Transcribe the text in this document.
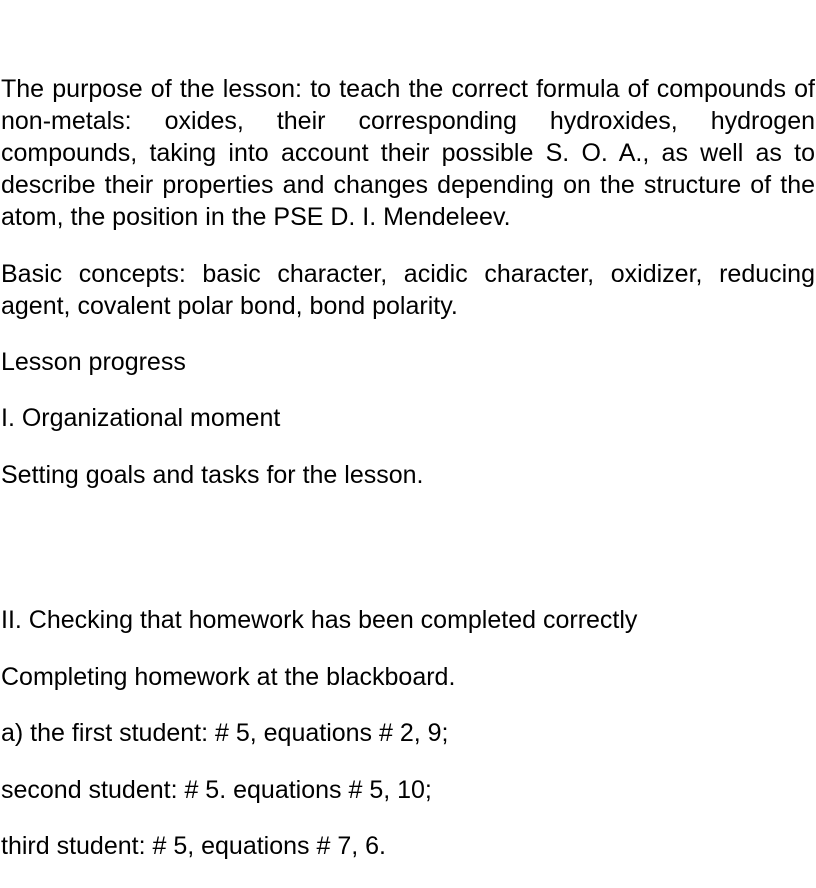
The purpose of the lesson: to teach the correct formula of compounds of non-metals: oxides, their corresponding hydroxides, hydrogen compounds, taking into account their possible S. O. A., as well as to describe their properties and changes depending on the structure of the atom, the position in the PSE D. I. Mendeleev.

Basic concepts: basic character, acidic character, oxidizer, reducing agent, covalent polar bond, bond polarity.

Lesson progress

I. Organizational moment

Setting goals and tasks for the lesson.

II. Checking that homework has been completed correctly

Completing homework at the blackboard.

a) the first student: # 5, equations # 2, 9;

second student: # 5. equations # 5, 10;

third student: # 5, equations # 7, 6.
